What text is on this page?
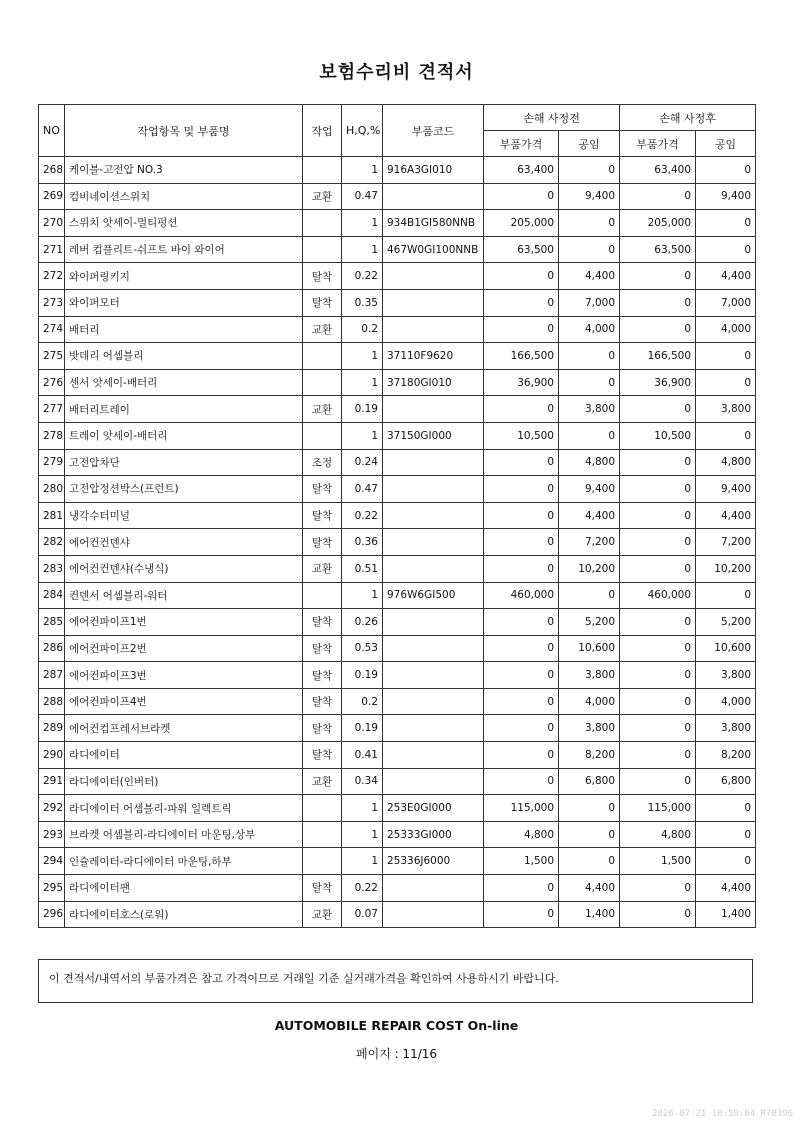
보험수리비 견적서
NO	작업항목 및 부품명	작업	H,Q,%	부품코드	손해 사정전		손해 사정후	
					부품가격	공임	부품가격	공임
268	케이블-고전압 NO.3		1	916A3GI010	63,400	0	63,400	0
269	컴비네이션스위치	교환	0.47		0	9,400	0	9,400
270	스위치 앗세이-멀티펑션		1	934B1GI580NNB	205,000	0	205,000	0
271	레버 컴플리트-쉬프트 바이 와이어		1	467W0GI100NNB	63,500	0	63,500	0
272	와이퍼링키지	탈착	0.22		0	4,400	0	4,400
273	와이퍼모터	탈착	0.35		0	7,000	0	7,000
274	배터리	교환	0.2		0	4,000	0	4,000
275	밧데리 어셈블리		1	37110F9620	166,500	0	166,500	0
276	센서 앗세이-배터리		1	37180GI010	36,900	0	36,900	0
277	배터리트레이	교환	0.19		0	3,800	0	3,800
278	트레이 앗세이-배터리		1	37150GI000	10,500	0	10,500	0
279	고전압차단	조정	0.24		0	4,800	0	4,800
280	고전압정션박스(프런트)	탈착	0.47		0	9,400	0	9,400
281	냉각수터미널	탈착	0.22		0	4,400	0	4,400
282	에어컨컨덴샤	탈착	0.36		0	7,200	0	7,200
283	에어컨컨덴샤(수냉식)	교환	0.51		0	10,200	0	10,200
284	컨덴서 어셈블리-워터		1	976W6GI500	460,000	0	460,000	0
285	에어컨파이프1번	탈착	0.26		0	5,200	0	5,200
286	에어컨파이프2번	탈착	0.53		0	10,600	0	10,600
287	에어컨파이프3번	탈착	0.19		0	3,800	0	3,800
288	에어컨파이프4번	탈착	0.2		0	4,000	0	4,000
289	에어컨컴프레서브라켓	탈착	0.19		0	3,800	0	3,800
290	라디에이터	탈착	0.41		0	8,200	0	8,200
291	라디에이터(인버터)	교환	0.34		0	6,800	0	6,800
292	라디에이터 어셈블리-파워 일렉트릭		1	253E0GI000	115,000	0	115,000	0
293	브라켓 어셈블리-라디에이터 마운팅,상부		1	25333GI000	4,800	0	4,800	0
294	인슐레이터-라디에이터 마운팅,하부		1	25336J6000	1,500	0	1,500	0
295	라디에이터팬	탈착	0.22		0	4,400	0	4,400
296	라디에이터호스(로워)	교환	0.07		0	1,400	0	1,400
이 견적서/내역서의 부품가격은 참고 가격이므로 거래일 기준 실거래가격을 확인하여 사용하시기 바랍니다.
AUTOMOBILE REPAIR COST On-line
페이지 : 11/16
2026-07-21 10:59:04 R70396
